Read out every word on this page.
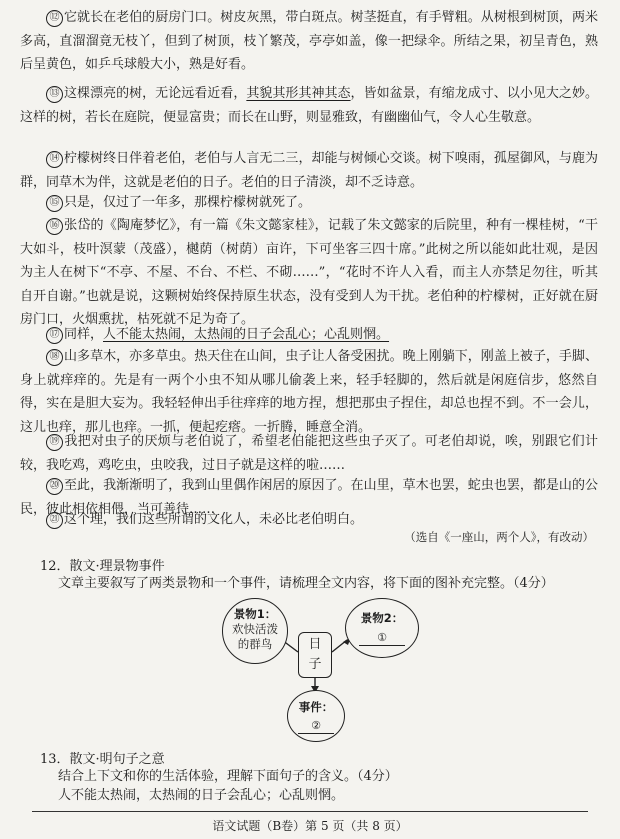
⑫ 它就长在老伯的厨房门口。树皮灰黑，带白斑点。树茎挺直，有手臂粗。从树根到树顶，两米多高，直溜溜竟无枝丫，但到了树顶，枝丫繁茂，亭亭如盖，像一把绿伞。所结之果，初呈青色，熟后呈黄色，如乒乓球般大小，熟是好看。

⑬ 这棵漂亮的树，无论远看近看，其貌其形其神其态，皆如盆景，有缩龙成寸、以小见大之妙。这样的树，若长在庭院，便显富贵；而长在山野，则显雅致，有幽幽仙气，令人心生敬意。

⑭ 柠檬树终日伴着老伯，老伯与人言无二三，却能与树倾心交谈。树下嗅雨，孤屋御风，与鹿为群，同草木为伴，这就是老伯的日子。老伯的日子清淡，却不乏诗意。

⑮ 只是，仅过了一年多，那棵柠檬树就死了。

⑯ 张岱的《陶庵梦忆》，有一篇《朱文懿家桂》，记载了朱文懿家的后院里，种有一棵桂树，“干大如斗，枝叶溟蒙（茂盛），樾荫（树荫）亩许，下可坐客三四十席。”此树之所以能如此壮观，是因为主人在树下“不亭、不屋、不台、不栏、不砌……”，“花时不许人入看，而主人亦禁足勿往，听其自开自谢。”也就是说，这颗树始终保持原生状态，没有受到人为干扰。老伯种的柠檬树，正好就在厨房门口，火烟熏扰，枯死就不足为奇了。

⑰ 同样，人不能太热闹，太热闹的日子会乱心；心乱则惘。

⑱ 山多草木，亦多草虫。热天住在山间，虫子让人备受困扰。晚上刚躺下，刚盖上被子，手脚、身上就痒痒的。先是有一两个小虫不知从哪儿偷袭上来，轻手轻脚的，然后就是闲庭信步，悠然自得，实在是胆大妄为。我轻轻伸出手往痒痒的地方捏，想把那虫子捏住，却总也捏不到。不一会儿，这儿也痒，那儿也痒。一抓，便起疙瘩。一折腾，睡意全消。

⑲ 我把对虫子的厌烦与老伯说了，希望老伯能把这些虫子灭了。可老伯却说，唉，别跟它们计较，我吃鸡，鸡吃虫，虫咬我，过日子就是这样的啦……

⑳ 至此，我渐渐明了，我到山里偶作闲居的原因了。在山里，草木也罢，蛇虫也罢，都是山的公民，彼此相依相偎，当可善待……

㉑ 这个理，我们这些所谓的文化人，未必比老伯明白。

（选自《一座山，两个人》，有改动）
12．散文·理景物事件
文章主要叙写了两类景物和一个事件，请梳理全文内容，将下面的图补充完整。（4分）
景物1：
欢快活泼的群鸟
景物2：
①
日子
事件：
②
13．散文·明句子之意
结合上下文和你的生活体验，理解下面句子的含义。（4分）
人不能太热闹，太热闹的日子会乱心；心乱则惘。
语文试题（B卷）第 5 页（共 8 页）
